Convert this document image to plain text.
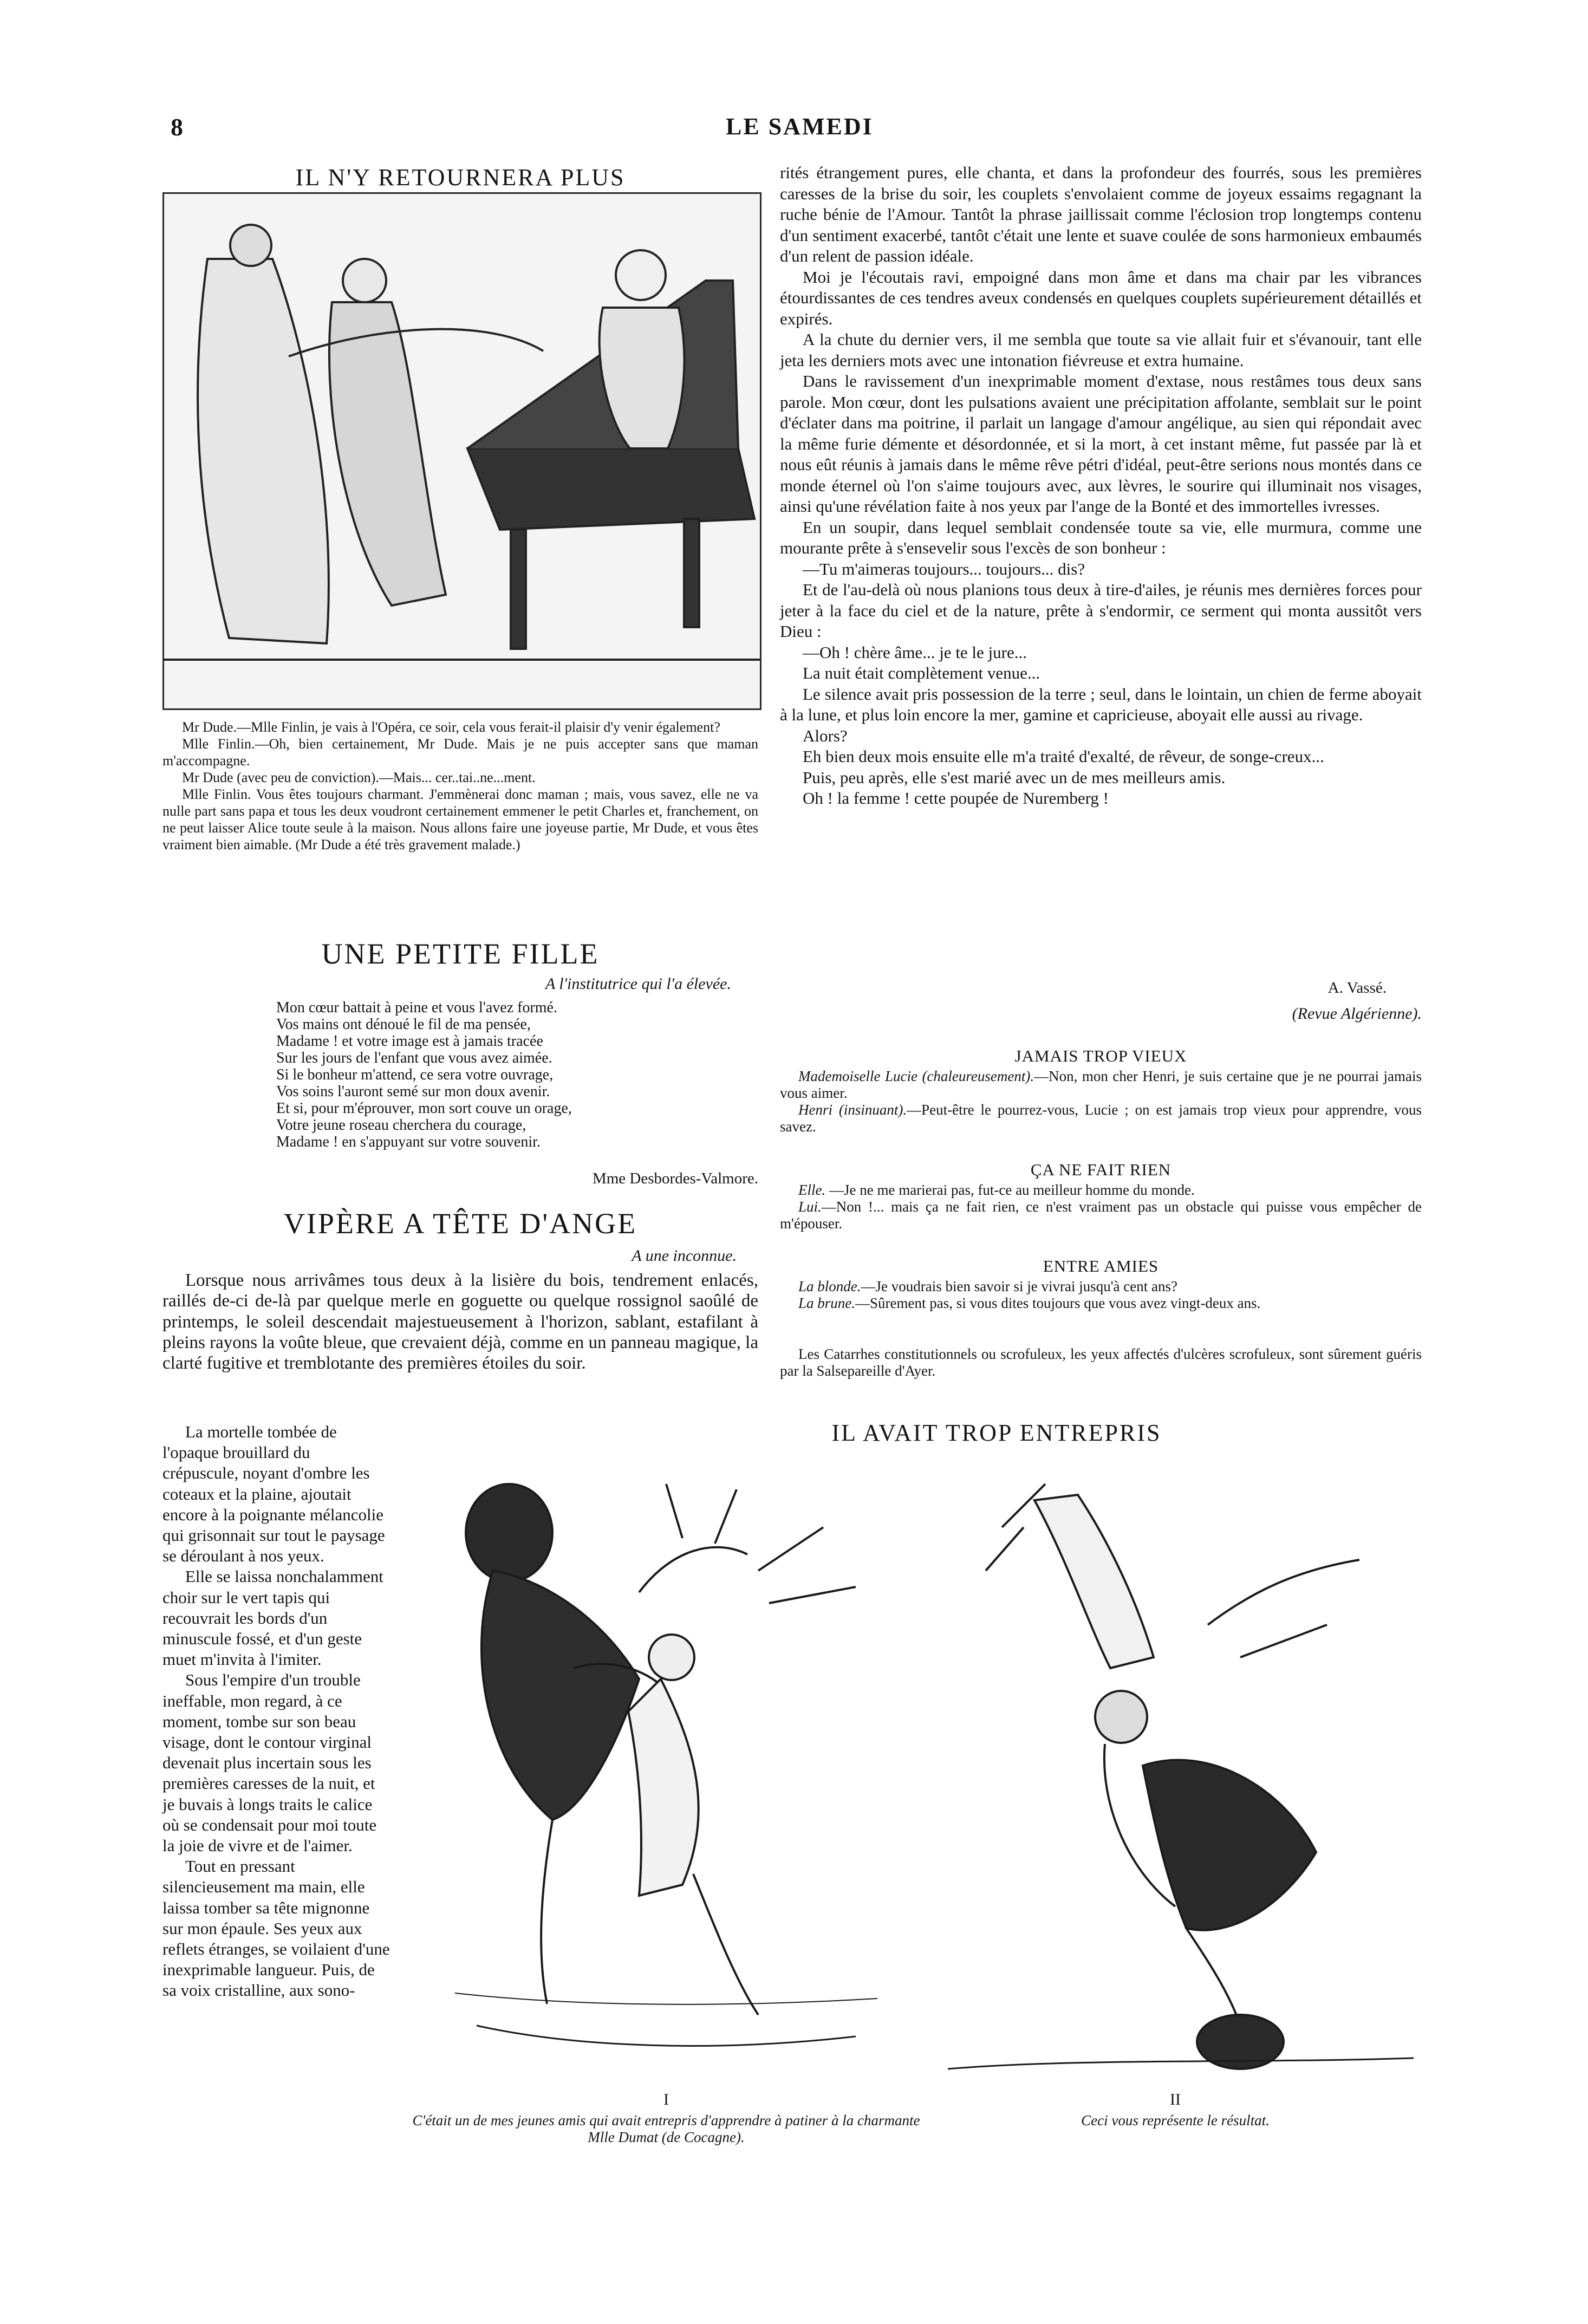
8	LE SAMEDI
IL N'Y RETOURNERA PLUS

Mr Dude.—Mlle Finlin, je vais à l'Opéra, ce soir, cela vous ferait-il plaisir d'y venir également?

Mlle Finlin.—Oh, bien certainement, Mr Dude. Mais je ne puis accepter sans que maman m'accompagne.

Mr Dude (avec peu de conviction).—Mais... cer..tai..ne...ment.

Mlle Finlin. Vous êtes toujours charmant. J'emmènerai donc maman ; mais, vous savez, elle ne va nulle part sans papa et tous les deux voudront certainement emmener le petit Charles et, franchement, on ne peut laisser Alice toute seule à la maison. Nous allons faire une joyeuse partie, Mr Dude, et vous êtes vraiment bien aimable. (Mr Dude a été très gravement malade.)

UNE PETITE FILLE
A l'institutrice qui l'a élevée.
Mon cœur battait à peine et vous l'avez formé.
Vos mains ont dénoué le fil de ma pensée,
Madame ! et votre image est à jamais tracée
Sur les jours de l'enfant que vous avez aimée.
Si le bonheur m'attend, ce sera votre ouvrage,
Vos soins l'auront semé sur mon doux avenir.
Et si, pour m'éprouver, mon sort couve un orage,
Votre jeune roseau cherchera du courage,
Madame ! en s'appuyant sur votre souvenir.
Mme Desbordes-Valmore.
VIPÈRE A TÊTE D'ANGE
A une inconnue.

Lorsque nous arrivâmes tous deux à la lisière du bois, tendrement enlacés, raillés de-ci de-là par quelque merle en goguette ou quelque rossignol saoûlé de printemps, le soleil descendait majestueusement à l'horizon, sablant, estafilant à pleins rayons la voûte bleue, que crevaient déjà, comme en un panneau magique, la clarté fugitive et tremblotante des premières étoiles du soir.

La mortelle tombée de l'opaque brouillard du crépuscule, noyant d'ombre les coteaux et la plaine, ajoutait encore à la poignante mélancolie qui grisonnait sur tout le paysage se déroulant à nos yeux.

Elle se laissa nonchalamment choir sur le vert tapis qui recouvrait les bords d'un minuscule fossé, et d'un geste muet m'invita à l'imiter.

Sous l'empire d'un trouble ineffable, mon regard, à ce moment, tombe sur son beau visage, dont le contour virginal devenait plus incertain sous les premières caresses de la nuit, et je buvais à longs traits le calice où se condensait pour moi toute la joie de vivre et de l'aimer.

Tout en pressant silencieusement ma main, elle laissa tomber sa tête mignonne sur mon épaule. Ses yeux aux reflets étranges, se voilaient d'une inexprimable langueur. Puis, de sa voix cristalline, aux sono-

rités étrangement pures, elle chanta, et dans la profondeur des fourrés, sous les premières caresses de la brise du soir, les couplets s'envolaient comme de joyeux essaims regagnant la ruche bénie de l'Amour. Tantôt la phrase jaillissait comme l'éclosion trop longtemps contenu d'un sentiment exacerbé, tantôt c'était une lente et suave coulée de sons harmonieux embaumés d'un relent de passion idéale.

Moi je l'écoutais ravi, empoigné dans mon âme et dans ma chair par les vibrances étourdissantes de ces tendres aveux condensés en quelques couplets supérieurement détaillés et expirés.

A la chute du dernier vers, il me sembla que toute sa vie allait fuir et s'évanouir, tant elle jeta les derniers mots avec une intonation fiévreuse et extra humaine.

Dans le ravissement d'un inexprimable moment d'extase, nous restâmes tous deux sans parole. Mon cœur, dont les pulsations avaient une précipitation affolante, semblait sur le point d'éclater dans ma poitrine, il parlait un langage d'amour angélique, au sien qui répondait avec la même furie démente et désordonnée, et si la mort, à cet instant même, fut passée par là et nous eût réunis à jamais dans le même rêve pétri d'idéal, peut-être serions nous montés dans ce monde éternel où l'on s'aime toujours avec, aux lèvres, le sourire qui illuminait nos visages, ainsi qu'une révélation faite à nos yeux par l'ange de la Bonté et des immortelles ivresses.

En un soupir, dans lequel semblait condensée toute sa vie, elle murmura, comme une mourante prête à s'ensevelir sous l'excès de son bonheur :

—Tu m'aimeras toujours... toujours... dis?

Et de l'au-delà où nous planions tous deux à tire-d'ailes, je réunis mes dernières forces pour jeter à la face du ciel et de la nature, prête à s'endormir, ce serment qui monta aussitôt vers Dieu :

—Oh ! chère âme... je te le jure...

La nuit était complètement venue...

Le silence avait pris possession de la terre ; seul, dans le lointain, un chien de ferme aboyait à la lune, et plus loin encore la mer, gamine et capricieuse, aboyait elle aussi au rivage.

Alors?

Eh bien deux mois ensuite elle m'a traité d'exalté, de rêveur, de songe-creux...

Puis, peu après, elle s'est marié avec un de mes meilleurs amis.

Oh ! la femme ! cette poupée de Nuremberg !

A. Vassé.
(Revue Algérienne).
JAMAIS TROP VIEUX

Mademoiselle Lucie (chaleureusement).—Non, mon cher Henri, je suis certaine que je ne pourrai jamais vous aimer.

Henri (insinuant).—Peut-être le pourrez-vous, Lucie ; on est jamais trop vieux pour apprendre, vous savez.

ÇA NE FAIT RIEN

Elle. —Je ne me marierai pas, fut-ce au meilleur homme du monde.

Lui.—Non !... mais ça ne fait rien, ce n'est vraiment pas un obstacle qui puisse vous empêcher de m'épouser.

ENTRE AMIES

La blonde.—Je voudrais bien savoir si je vivrai jusqu'à cent ans?

La brune.—Sûrement pas, si vous dites toujours que vous avez vingt-deux ans.

Les Catarrhes constitutionnels ou scrofuleux, les yeux affectés d'ulcères scrofuleux, sont sûrement guéris par la Salsepareille d'Ayer.

IL AVAIT TROP ENTREPRIS
I
C'était un de mes jeunes amis qui avait entrepris d'apprendre à patiner à la charmante Mlle Dumat (de Cocagne).
II
Ceci vous représente le résultat.
